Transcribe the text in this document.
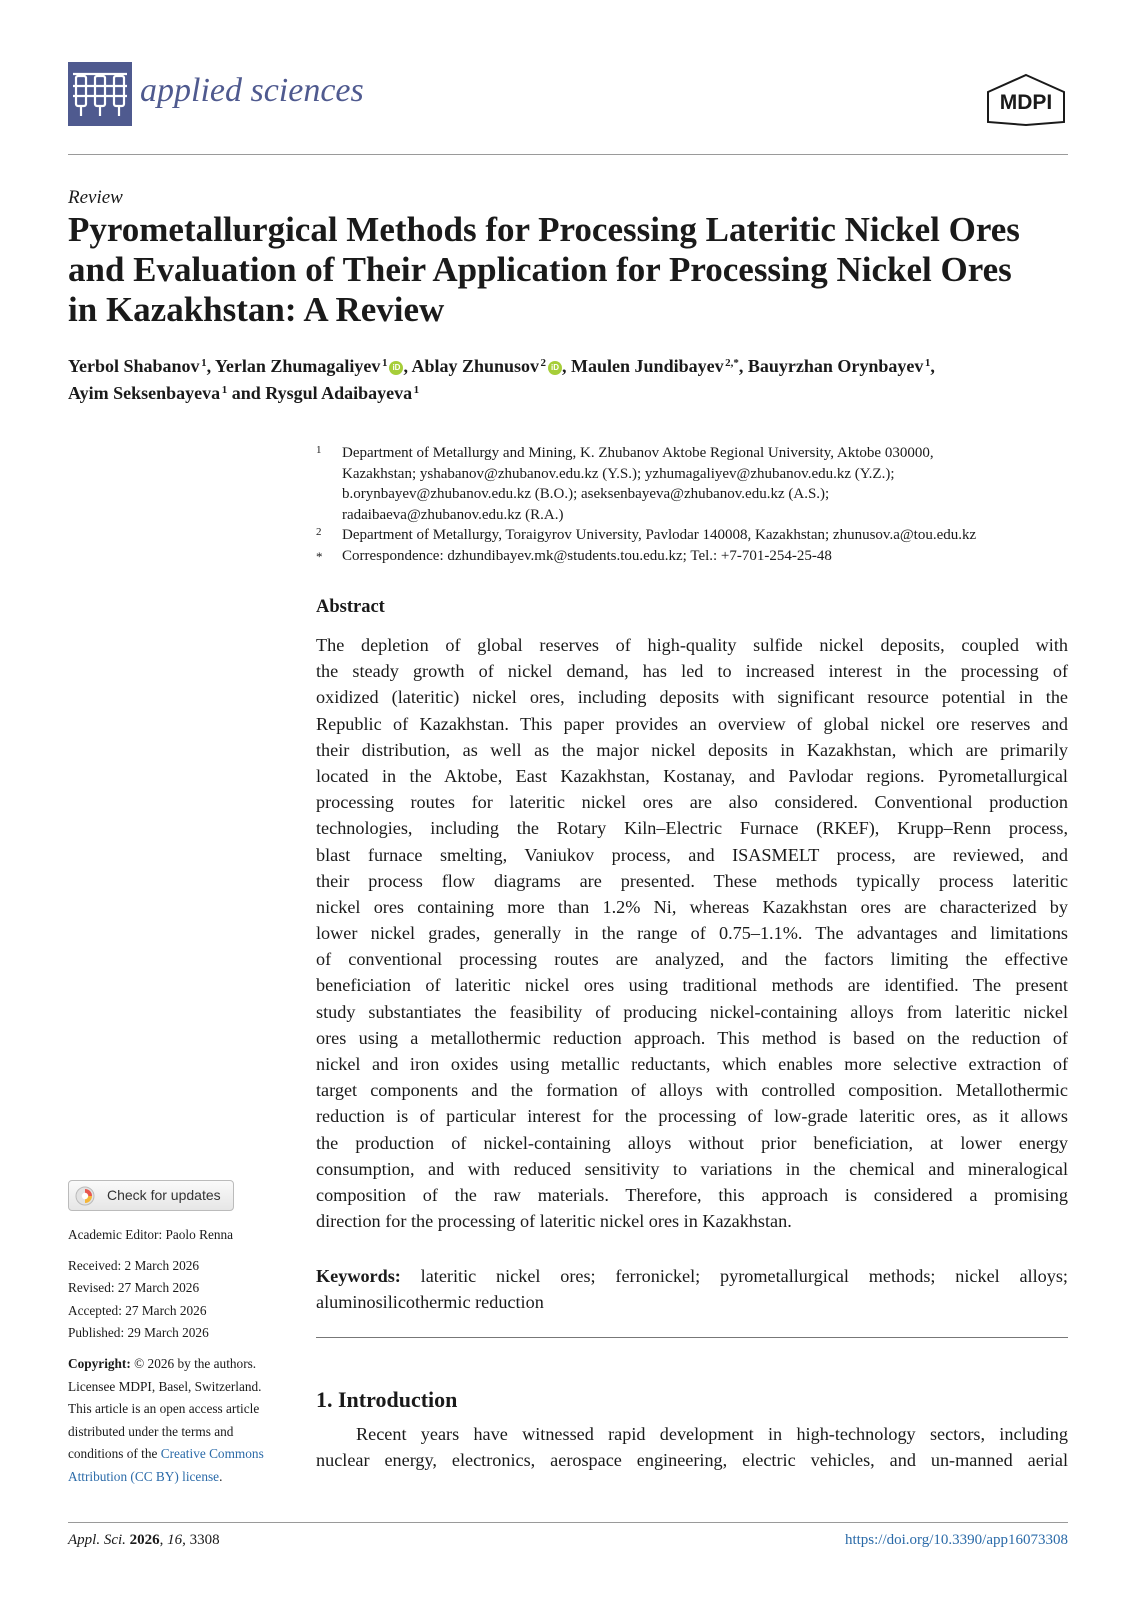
applied sciences	MDPI
Review
Pyrometallurgical Methods for Processing Lateritic Nickel Ores
and Evaluation of Their Application for Processing Nickel Ores
in Kazakhstan: A Review
Yerbol Shabanov  $^1$, Yerlan Zhumagaliyev  $^1$ iD , Ablay Zhunusov  $^2$ iD , Maulen Jundibayev  $^{2,*}$, Bauyrzhan Orynbayev  $^1$,
Ayim Seksenbayeva  $^1$ and Rysgul Adaibayeva  $^1$
1 Department of Metallurgy and Mining, K. Zhubanov Aktobe Regional University, Aktobe 030000,
Kazakhstan; yshabanov@zhubanov.edu.kz (Y.S.); yzhumagaliyev@zhubanov.edu.kz (Y.Z.);
b.orynbayev@zhubanov.edu.kz (B.O.); aseksenbayeva@zhubanov.edu.kz (A.S.);
radaibaeva@zhubanov.edu.kz (R.A.)
2 Department of Metallurgy, Toraigyrov University, Pavlodar 140008, Kazakhstan; zhunusov.a@tou.edu.kz
* Correspondence: dzhundibayev.mk@students.tou.edu.kz; Tel.: +7-701-254-25-48
Abstract
The depletion of global reserves of high-quality sulfide nickel deposits, coupled with
the steady growth of nickel demand, has led to increased interest in the processing of
oxidized (lateritic) nickel ores, including deposits with significant resource potential in the
Republic of Kazakhstan. This paper provides an overview of global nickel ore reserves and
their distribution, as well as the major nickel deposits in Kazakhstan, which are primarily
located in the Aktobe, East Kazakhstan, Kostanay, and Pavlodar regions. Pyrometallurgical
processing routes for lateritic nickel ores are also considered. Conventional production
technologies, including the Rotary Kiln–Electric Furnace (RKEF), Krupp–Renn process,
blast furnace smelting, Vaniukov process, and ISASMELT process, are reviewed, and
their process flow diagrams are presented. These methods typically process lateritic
nickel ores containing more than 1.2% Ni, whereas Kazakhstan ores are characterized by
lower nickel grades, generally in the range of 0.75–1.1%. The advantages and limitations
of conventional processing routes are analyzed, and the factors limiting the effective
beneficiation of lateritic nickel ores using traditional methods are identified. The present
study substantiates the feasibility of producing nickel-containing alloys from lateritic nickel
ores using a metallothermic reduction approach. This method is based on the reduction of
nickel and iron oxides using metallic reductants, which enables more selective extraction of
target components and the formation of alloys with controlled composition. Metallothermic
reduction is of particular interest for the processing of low-grade lateritic ores, as it allows
the production of nickel-containing alloys without prior beneficiation, at lower energy
consumption, and with reduced sensitivity to variations in the chemical and mineralogical
composition of the raw materials. Therefore, this approach is considered a promising
direction for the processing of lateritic nickel ores in Kazakhstan.
Keywords: lateritic nickel ores; ferronickel; pyrometallurgical methods; nickel alloys;
aluminosilicothermic reduction
1. Introduction
Recent years have witnessed rapid development in high-technology sectors, including
nuclear energy, electronics, aerospace engineering, electric vehicles, and un-manned aerial
Check for updates
Academic Editor: Paolo Renna
Received: 2 March 2026
Revised: 27 March 2026
Accepted: 27 March 2026
Published: 29 March 2026
Copyright: © 2026 by the authors.
Licensee MDPI, Basel, Switzerland.
This article is an open access article
distributed under the terms and
conditions of the Creative Commons
Attribution (CC BY) license.
Appl. Sci. 2026, 16, 3308	https://doi.org/10.3390/app16073308
